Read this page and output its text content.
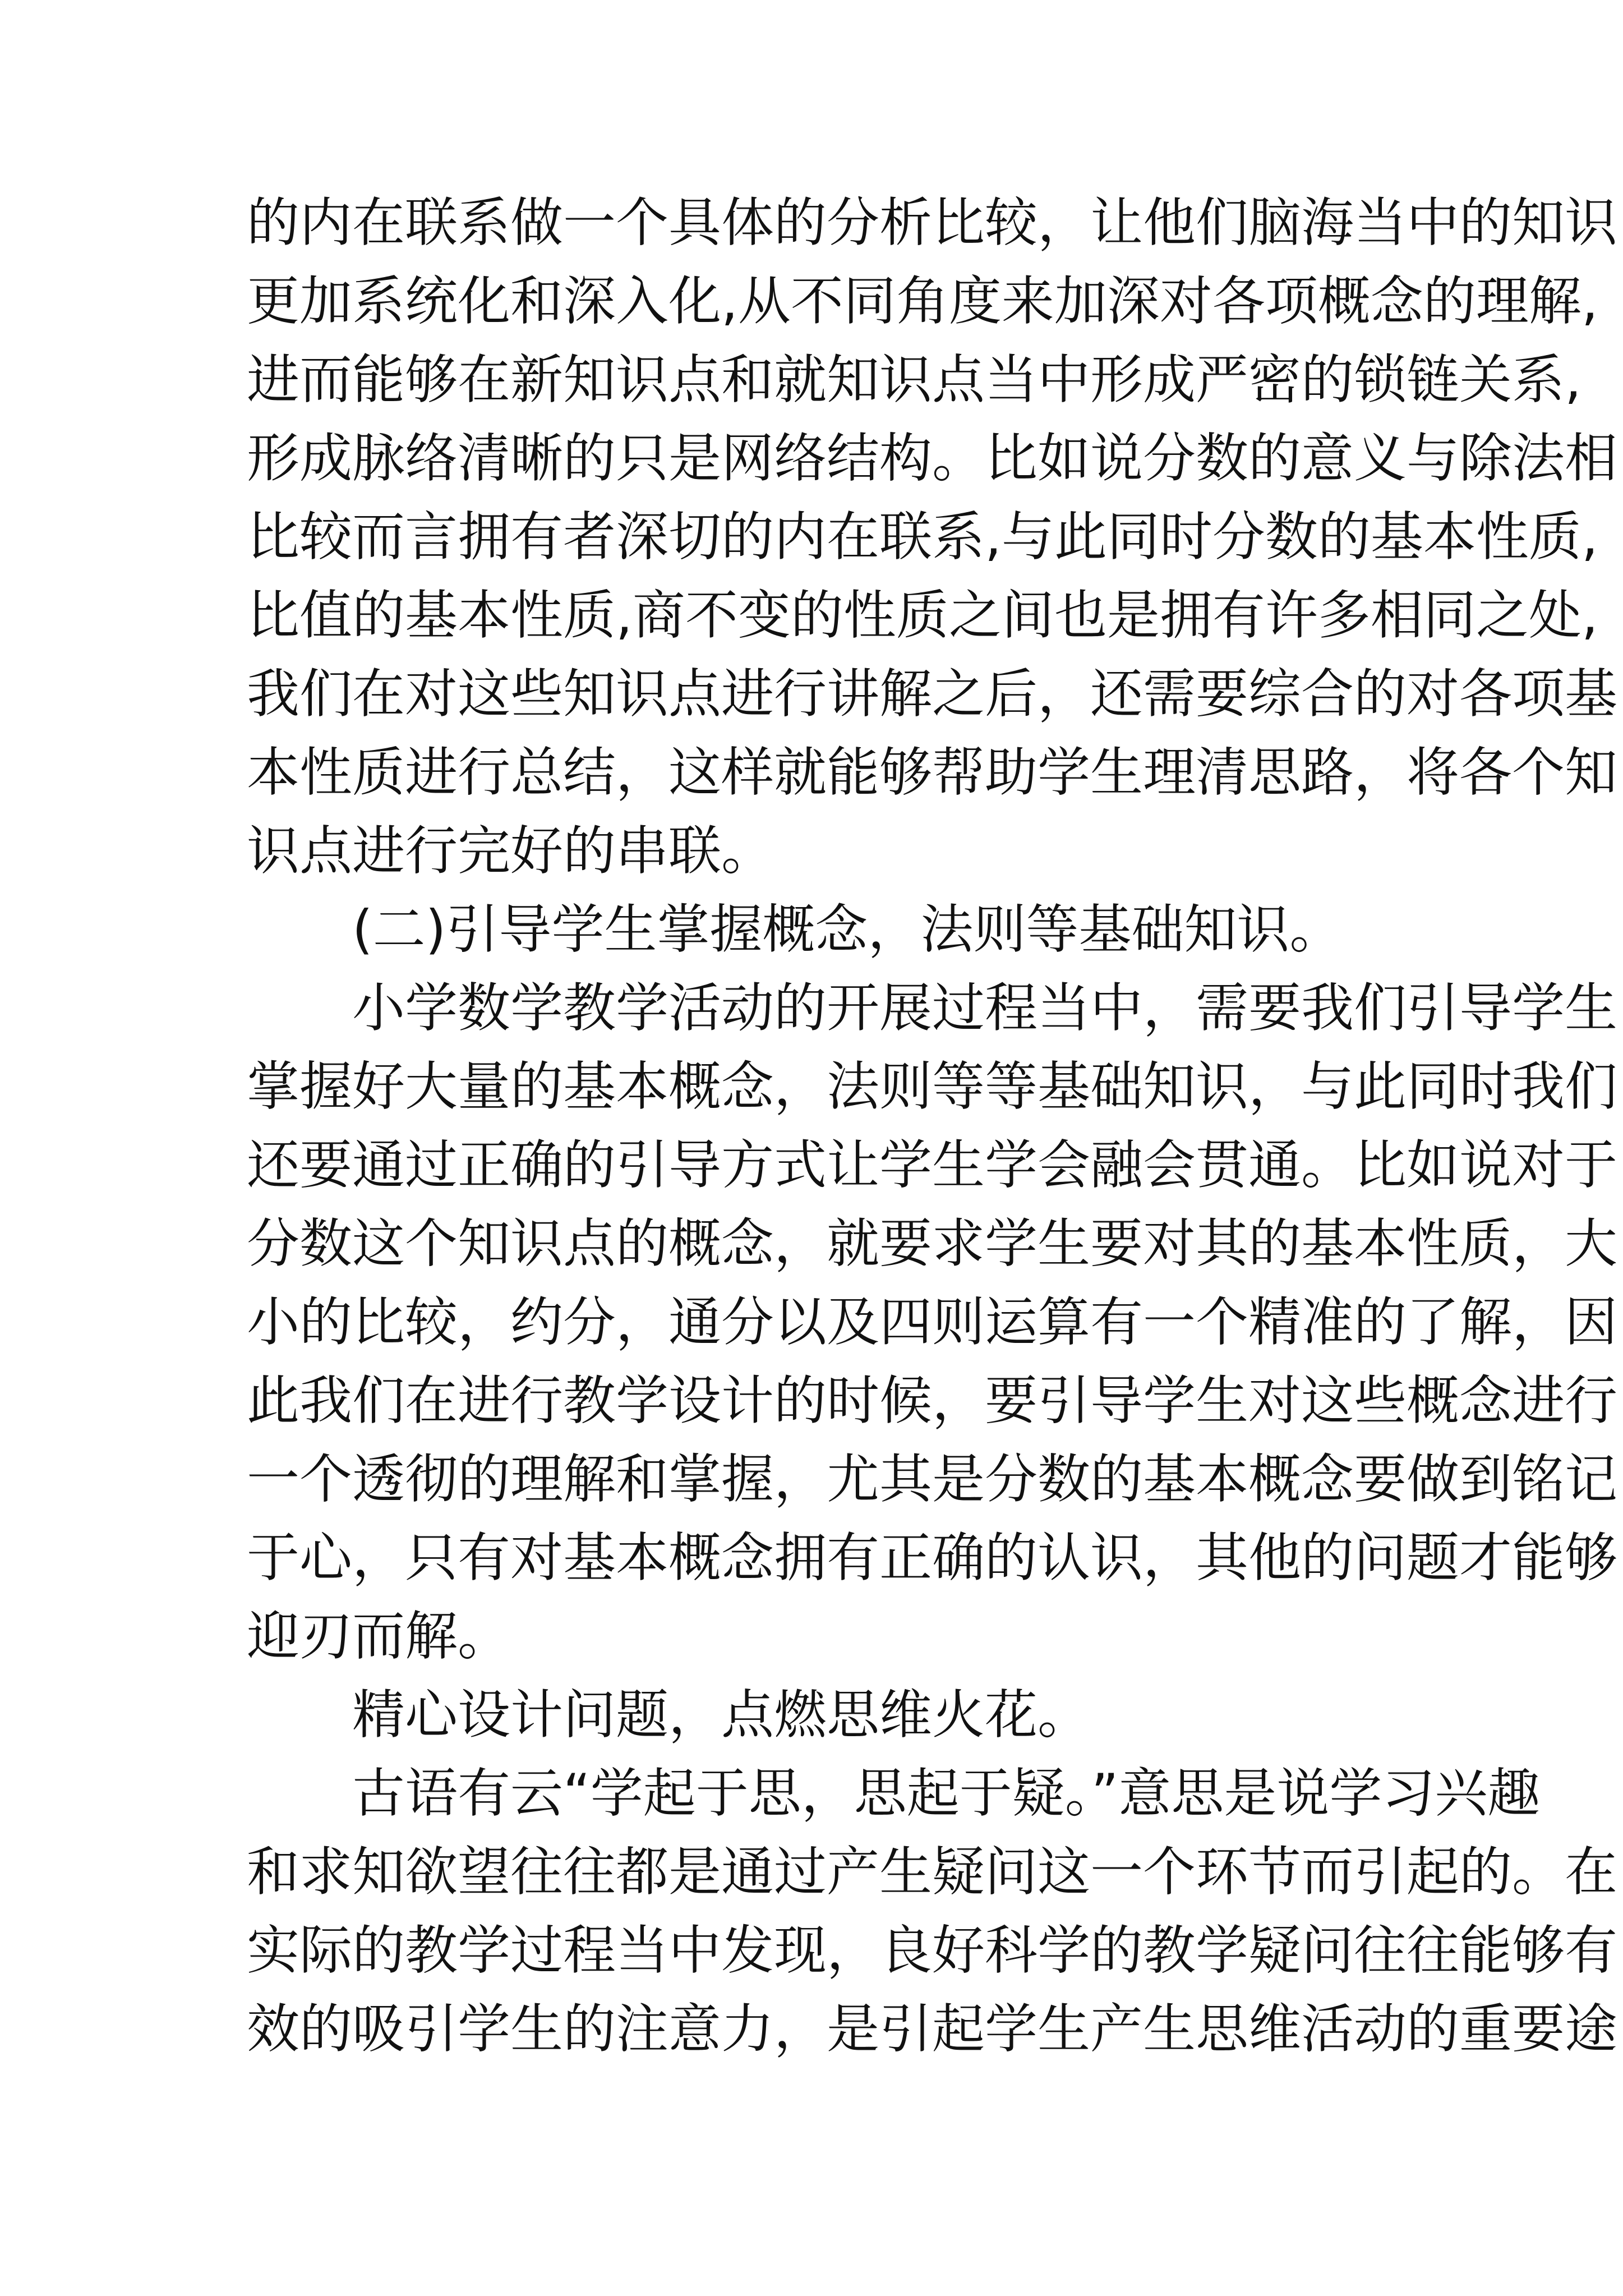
的内在联系做一个具体的分析比较，让他们脑海当中的知识
更加系统化和深入化,从不同角度来加深对各项概念的理解,
进而能够在新知识点和就知识点当中形成严密的锁链关系,
形成脉络清晰的只是网络结构。比如说分数的意义与除法相
比较而言拥有者深切的内在联系,与此同时分数的基本性质,
比值的基本性质,商不变的性质之间也是拥有许多相同之处,
我们在对这些知识点进行讲解之后，还需要综合的对各项基
本性质进行总结，这样就能够帮助学生理清思路，将各个知
识点进行完好的串联。
(二)引导学生掌握概念，法则等基础知识。
小学数学教学活动的开展过程当中，需要我们引导学生
掌握好大量的基本概念，法则等等基础知识，与此同时我们
还要通过正确的引导方式让学生学会融会贯通。比如说对于
分数这个知识点的概念，就要求学生要对其的基本性质，大
小的比较，约分，通分以及四则运算有一个精准的了解，因
此我们在进行教学设计的时候，要引导学生对这些概念进行
一个透彻的理解和掌握，尤其是分数的基本概念要做到铭记
于心，只有对基本概念拥有正确的认识，其他的问题才能够
迎刃而解。
精心设计问题，点燃思维火花。
古语有云“学起于思，思起于疑。”意思是说学习兴趣
和求知欲望往往都是通过产生疑问这一个环节而引起的。在
实际的教学过程当中发现，良好科学的教学疑问往往能够有
效的吸引学生的注意力，是引起学生产生思维活动的重要途
